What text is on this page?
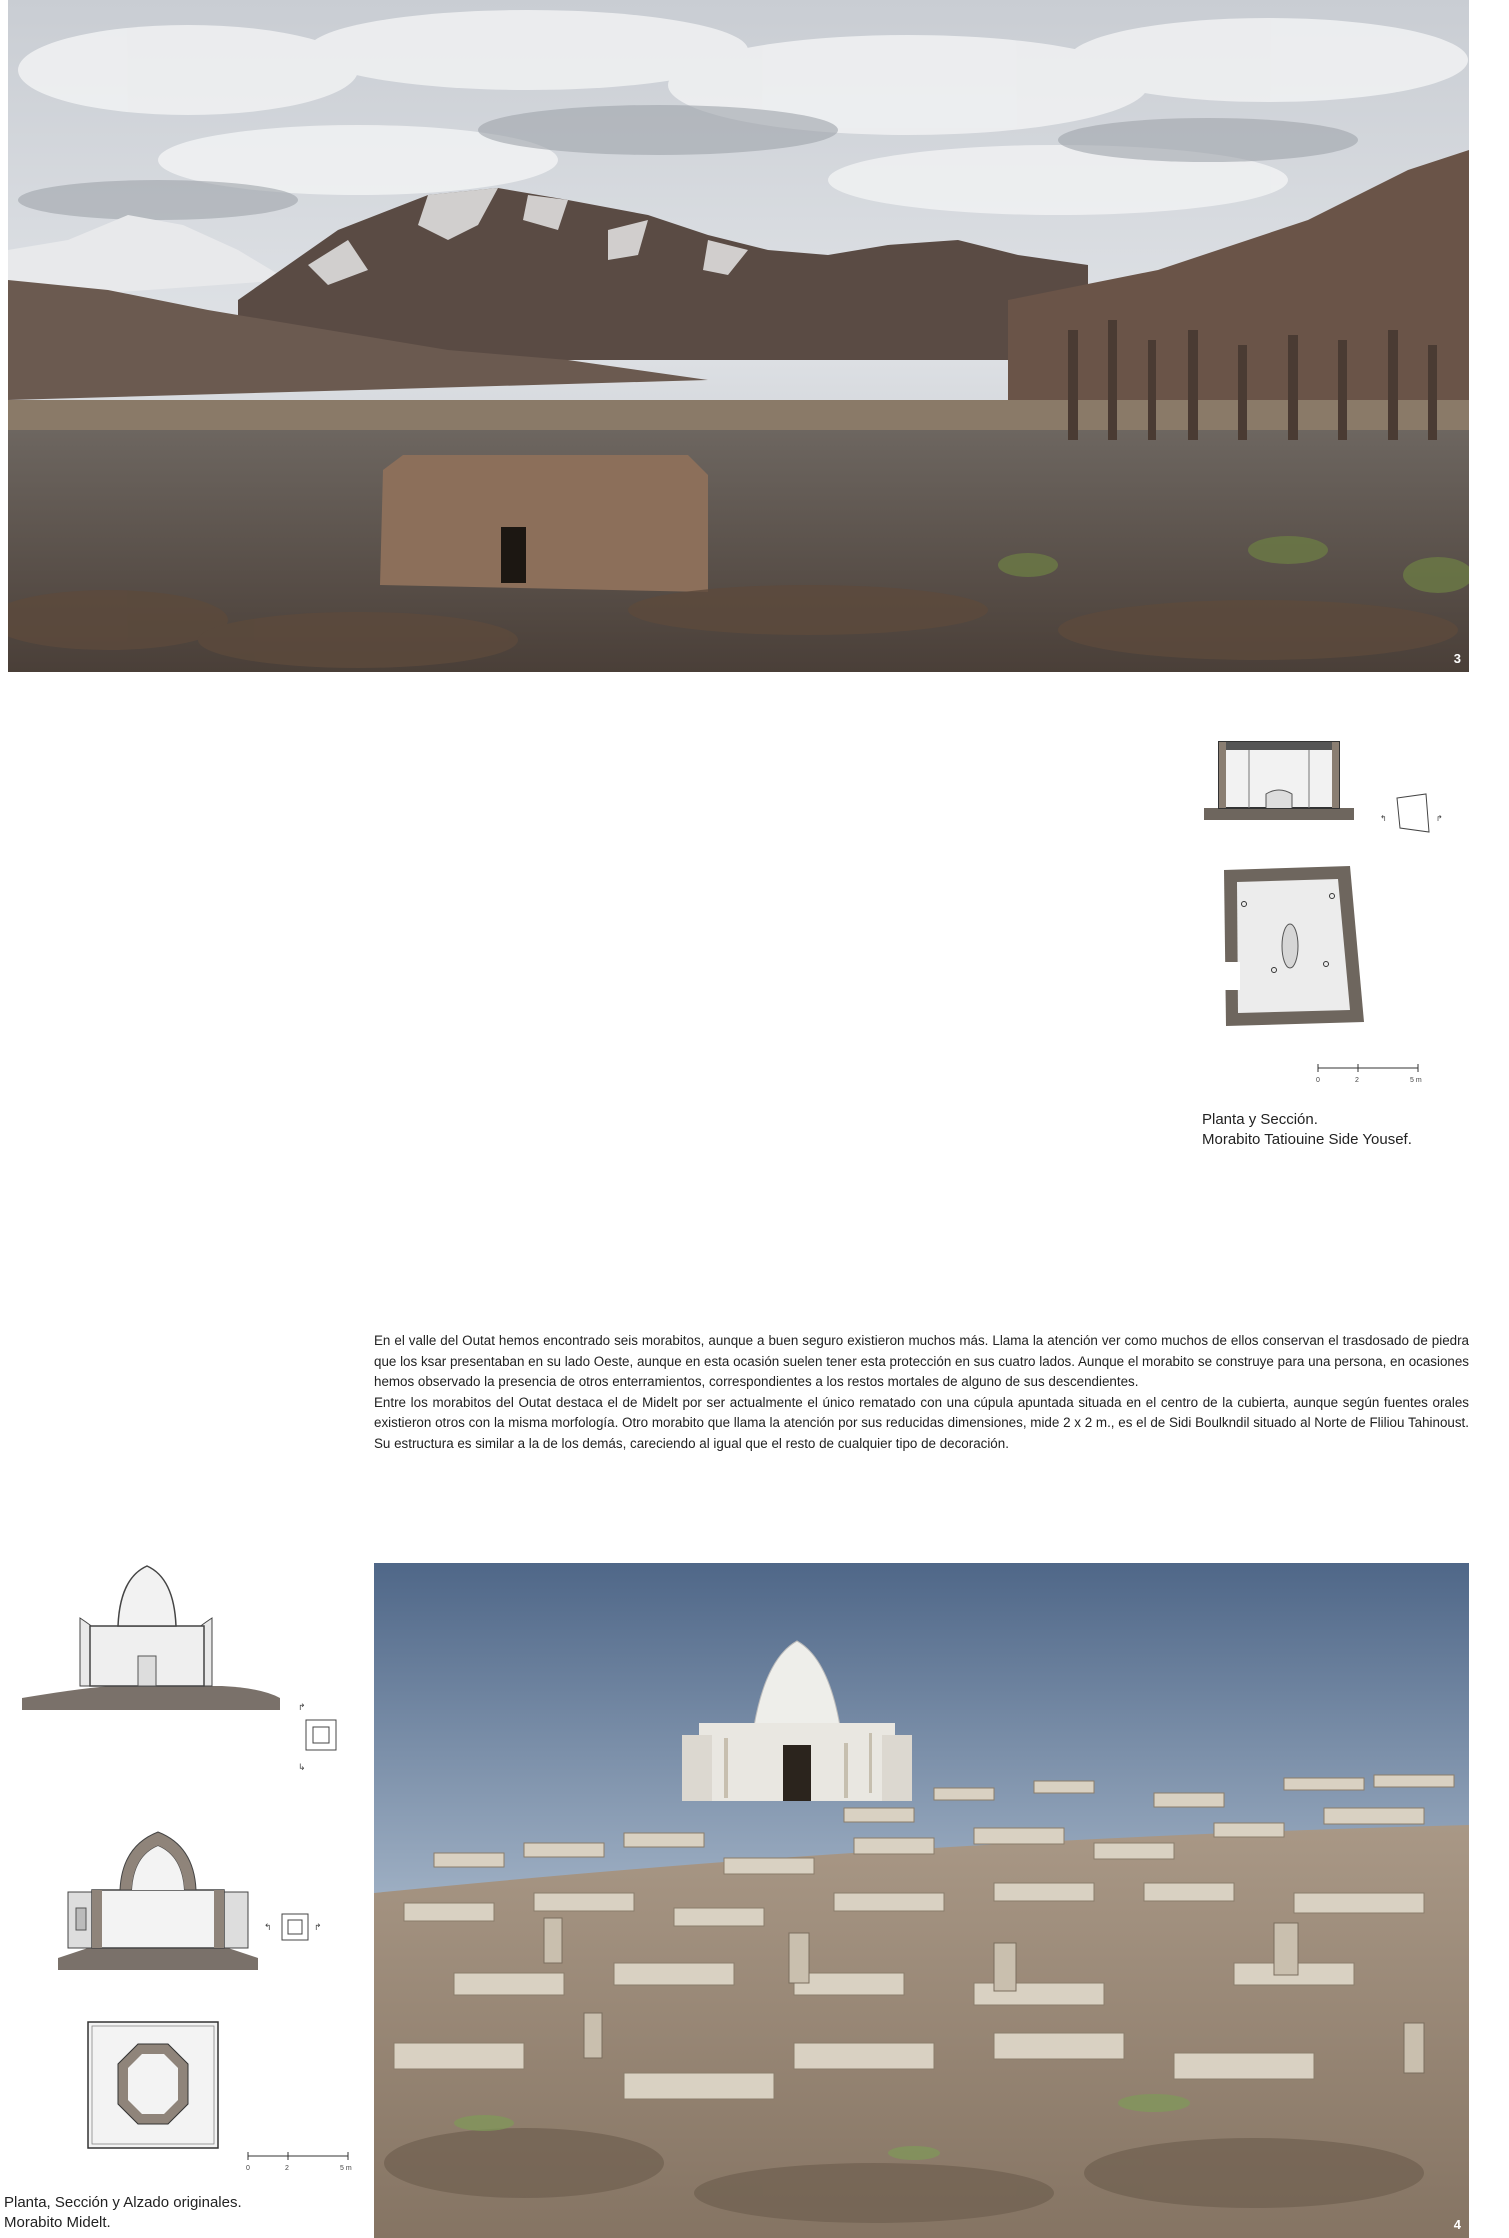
3
↰	↱
0	2	5 m
Planta y Sección.
Morabito Tatiouine Side Yousef.

En el valle del Outat hemos encontrado seis morabitos, aunque a buen seguro existieron muchos más. Llama la atención ver como muchos de ellos conservan el trasdosado de piedra que los ksar presentaban en su lado Oeste, aunque en esta ocasión suelen tener esta protección en sus cuatro lados. Aunque el morabito se construye para una persona, en ocasiones hemos observado la presencia de otros enterramientos, correspondientes a los restos mortales de alguno de sus descendientes.

Entre los morabitos del Outat destaca el de Midelt por ser actualmente el único rematado con una cúpula apuntada situada en el centro de la cubierta, aunque según fuentes orales existieron otros con la misma morfología. Otro morabito que llama la atención por sus reducidas dimensiones, mide 2 x 2 m., es el de Sidi Boulkndil situado al Norte de Fliliou Tahinoust. Su estructura es similar a la de los demás, careciendo al igual que el resto de cualquier tipo de decoración.

↱
↳
↰	↱
0	2	5 m
Planta, Sección y Alzado originales.
Morabito Midelt.	4
